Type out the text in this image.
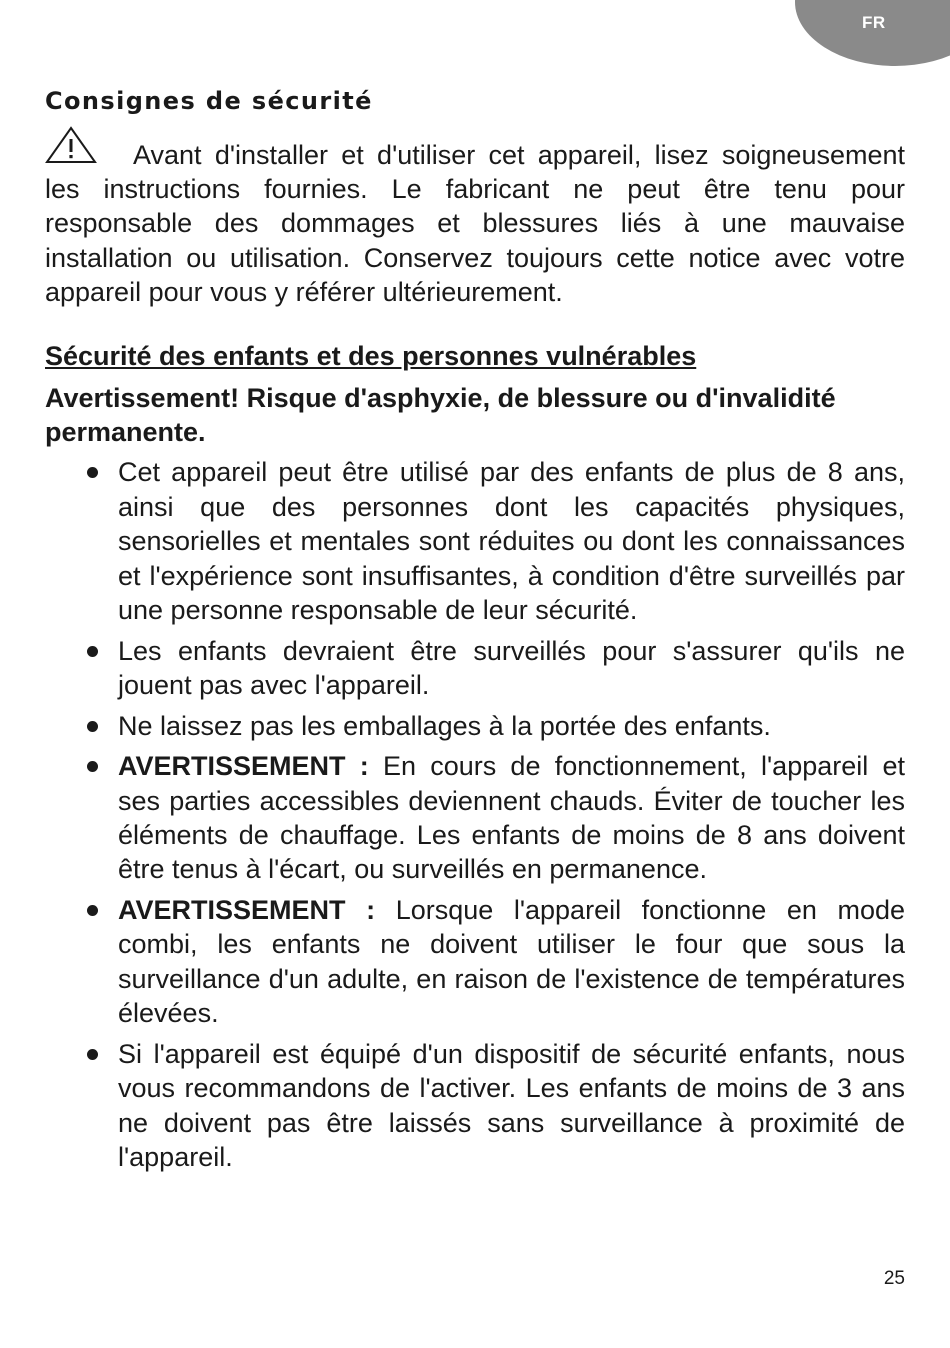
FR
Consignes de sécurité

Avant d'installer et d'utiliser cet appareil, lisez soigneusement les instructions fournies. Le fabricant ne peut être tenu pour responsable des dommages et blessures liés à une mauvaise installation ou utilisation. Conservez toujours cette notice avec votre appareil pour vous y référer ultérieurement.

Sécurité des enfants et des personnes vulnérables
Avertissement! Risque d'asphyxie, de blessure ou d'invalidité permanente.
Cet appareil peut être utilisé par des enfants de plus de 8 ans, ainsi que des personnes dont les capacités physiques, sensorielles et mentales sont réduites ou dont les connaissances et l'expérience sont insuffisantes, à condition d'être surveillés par une personne responsable de leur sécurité.
Les enfants devraient être surveillés pour s'assurer qu'ils ne jouent pas avec l'appareil.
Ne laissez pas les emballages à la portée des enfants.
AVERTISSEMENT : En cours de fonctionnement, l'appareil et ses parties accessibles deviennent chauds. Éviter de toucher les éléments de chauffage. Les enfants de moins de 8 ans doivent être tenus à l'écart, ou surveillés en permanence.
AVERTISSEMENT : Lorsque l'appareil fonctionne en mode combi, les enfants ne doivent utiliser le four que sous la surveillance d'un adulte, en raison de l'existence de températures élevées.
Si l'appareil est équipé d'un dispositif de sécurité enfants, nous vous recommandons de l'activer. Les enfants de moins de 3 ans ne doivent pas être laissés sans surveillance à proximité de l'appareil.
25
